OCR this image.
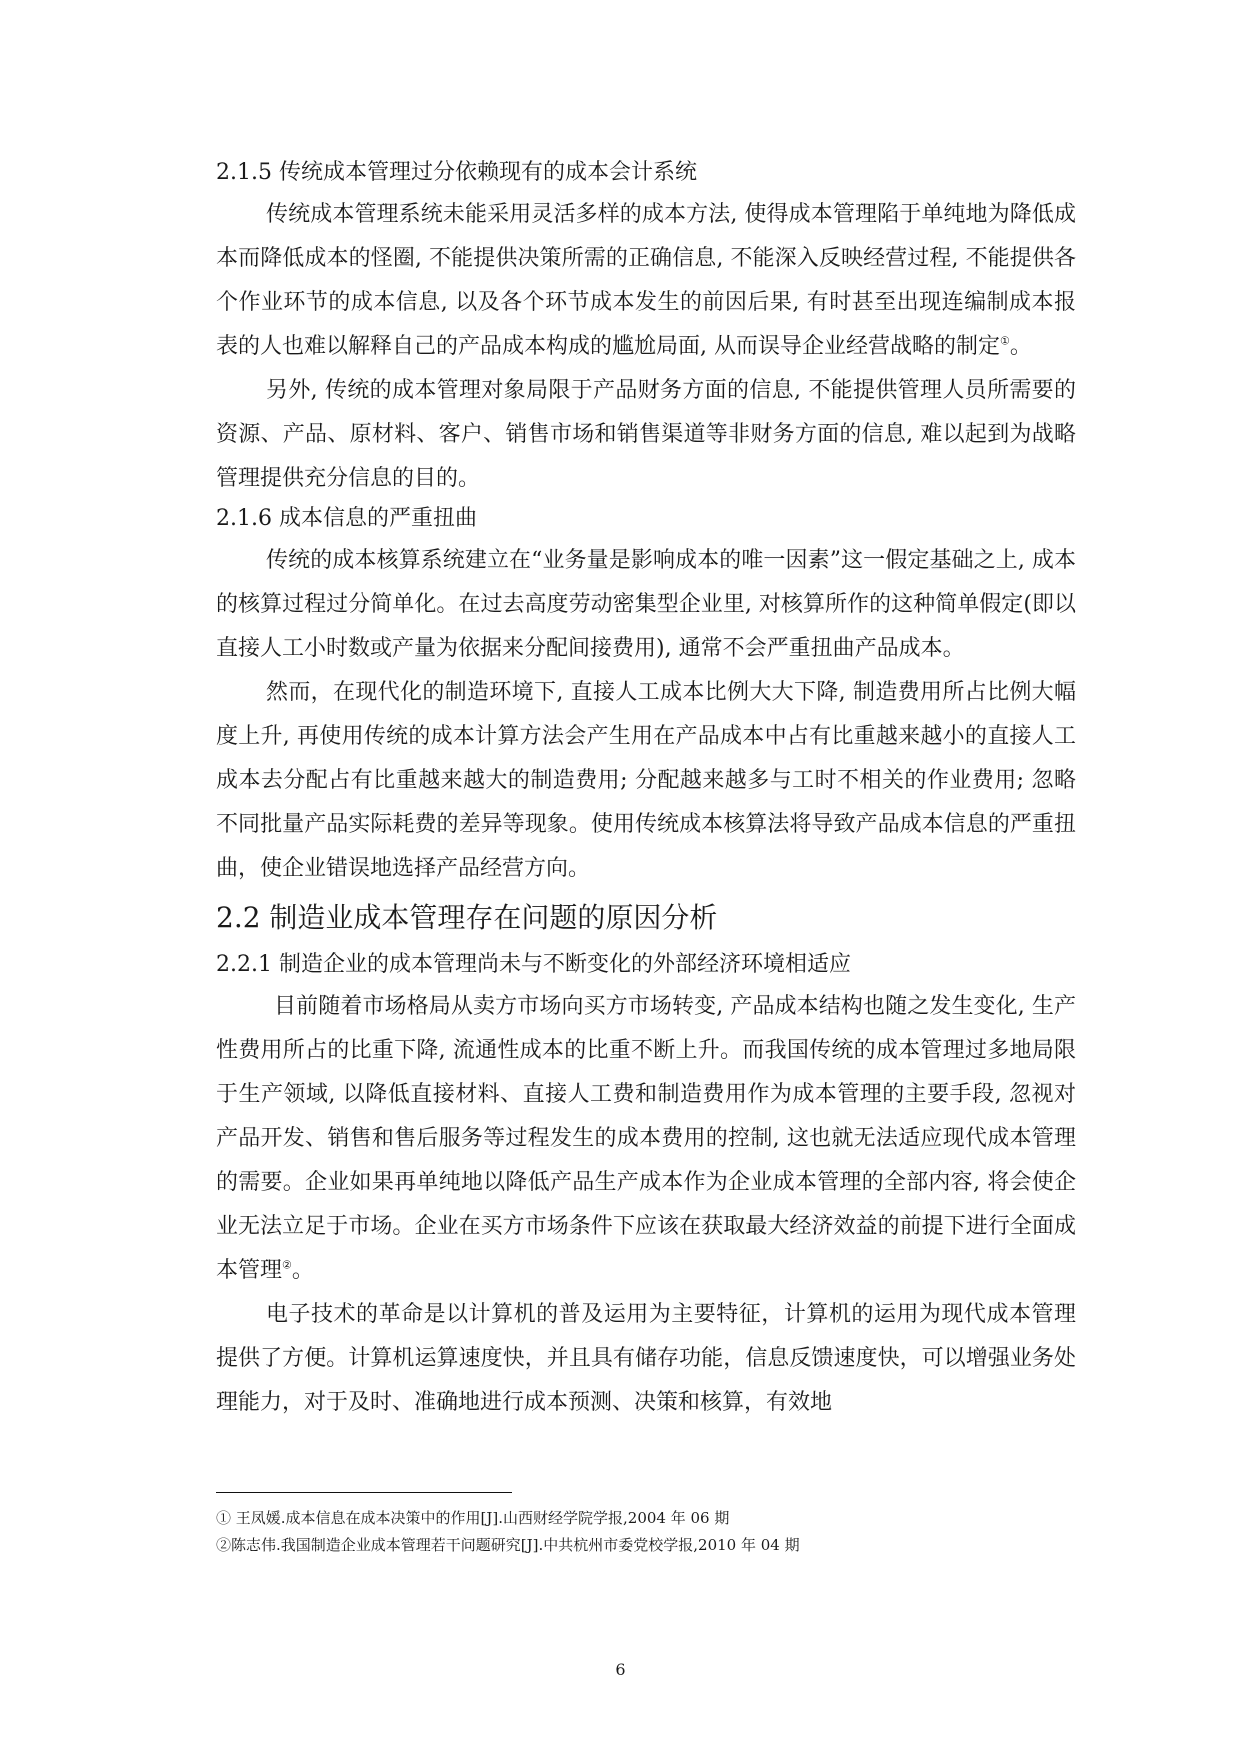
2.1.5 传统成本管理过分依赖现有的成本会计系统

传统成本管理系统未能采用灵活多样的成本方法, 使得成本管理陷于单纯地为降低成本而降低成本的怪圈, 不能提供决策所需的正确信息, 不能深入反映经营过程, 不能提供各个作业环节的成本信息, 以及各个环节成本发生的前因后果, 有时甚至出现连编制成本报表的人也难以解释自己的产品成本构成的尴尬局面, 从而误导企业经营战略的制定①。

另外, 传统的成本管理对象局限于产品财务方面的信息, 不能提供管理人员所需要的资源、产品、原材料、客户、销售市场和销售渠道等非财务方面的信息, 难以起到为战略管理提供充分信息的目的。

2.1.6 成本信息的严重扭曲

传统的成本核算系统建立在“业务量是影响成本的唯一因素”这一假定基础之上, 成本的核算过程过分简单化。在过去高度劳动密集型企业里, 对核算所作的这种简单假定(即以直接人工小时数或产量为依据来分配间接费用), 通常不会严重扭曲产品成本。

然而，在现代化的制造环境下, 直接人工成本比例大大下降, 制造费用所占比例大幅度上升, 再使用传统的成本计算方法会产生用在产品成本中占有比重越来越小的直接人工成本去分配占有比重越来越大的制造费用; 分配越来越多与工时不相关的作业费用; 忽略不同批量产品实际耗费的差异等现象。使用传统成本核算法将导致产品成本信息的严重扭曲，使企业错误地选择产品经营方向。

2.2 制造业成本管理存在问题的原因分析
2.2.1 制造企业的成本管理尚未与不断变化的外部经济环境相适应

目前随着市场格局从卖方市场向买方市场转变, 产品成本结构也随之发生变化, 生产性费用所占的比重下降, 流通性成本的比重不断上升。而我国传统的成本管理过多地局限于生产领域, 以降低直接材料、直接人工费和制造费用作为成本管理的主要手段, 忽视对产品开发、销售和售后服务等过程发生的成本费用的控制, 这也就无法适应现代成本管理的需要。企业如果再单纯地以降低产品生产成本作为企业成本管理的全部内容, 将会使企业无法立足于市场。企业在买方市场条件下应该在获取最大经济效益的前提下进行全面成本管理②。

电子技术的革命是以计算机的普及运用为主要特征，计算机的运用为现代成本管理提供了方便。计算机运算速度快，并且具有储存功能，信息反馈速度快，可以增强业务处理能力，对于及时、准确地进行成本预测、决策和核算，有效地

① 王凤媛.成本信息在成本决策中的作用[J].山西财经学院学报,2004 年 06 期
②陈志伟.我国制造企业成本管理若干问题研究[J].中共杭州市委党校学报,2010 年 04 期
6
